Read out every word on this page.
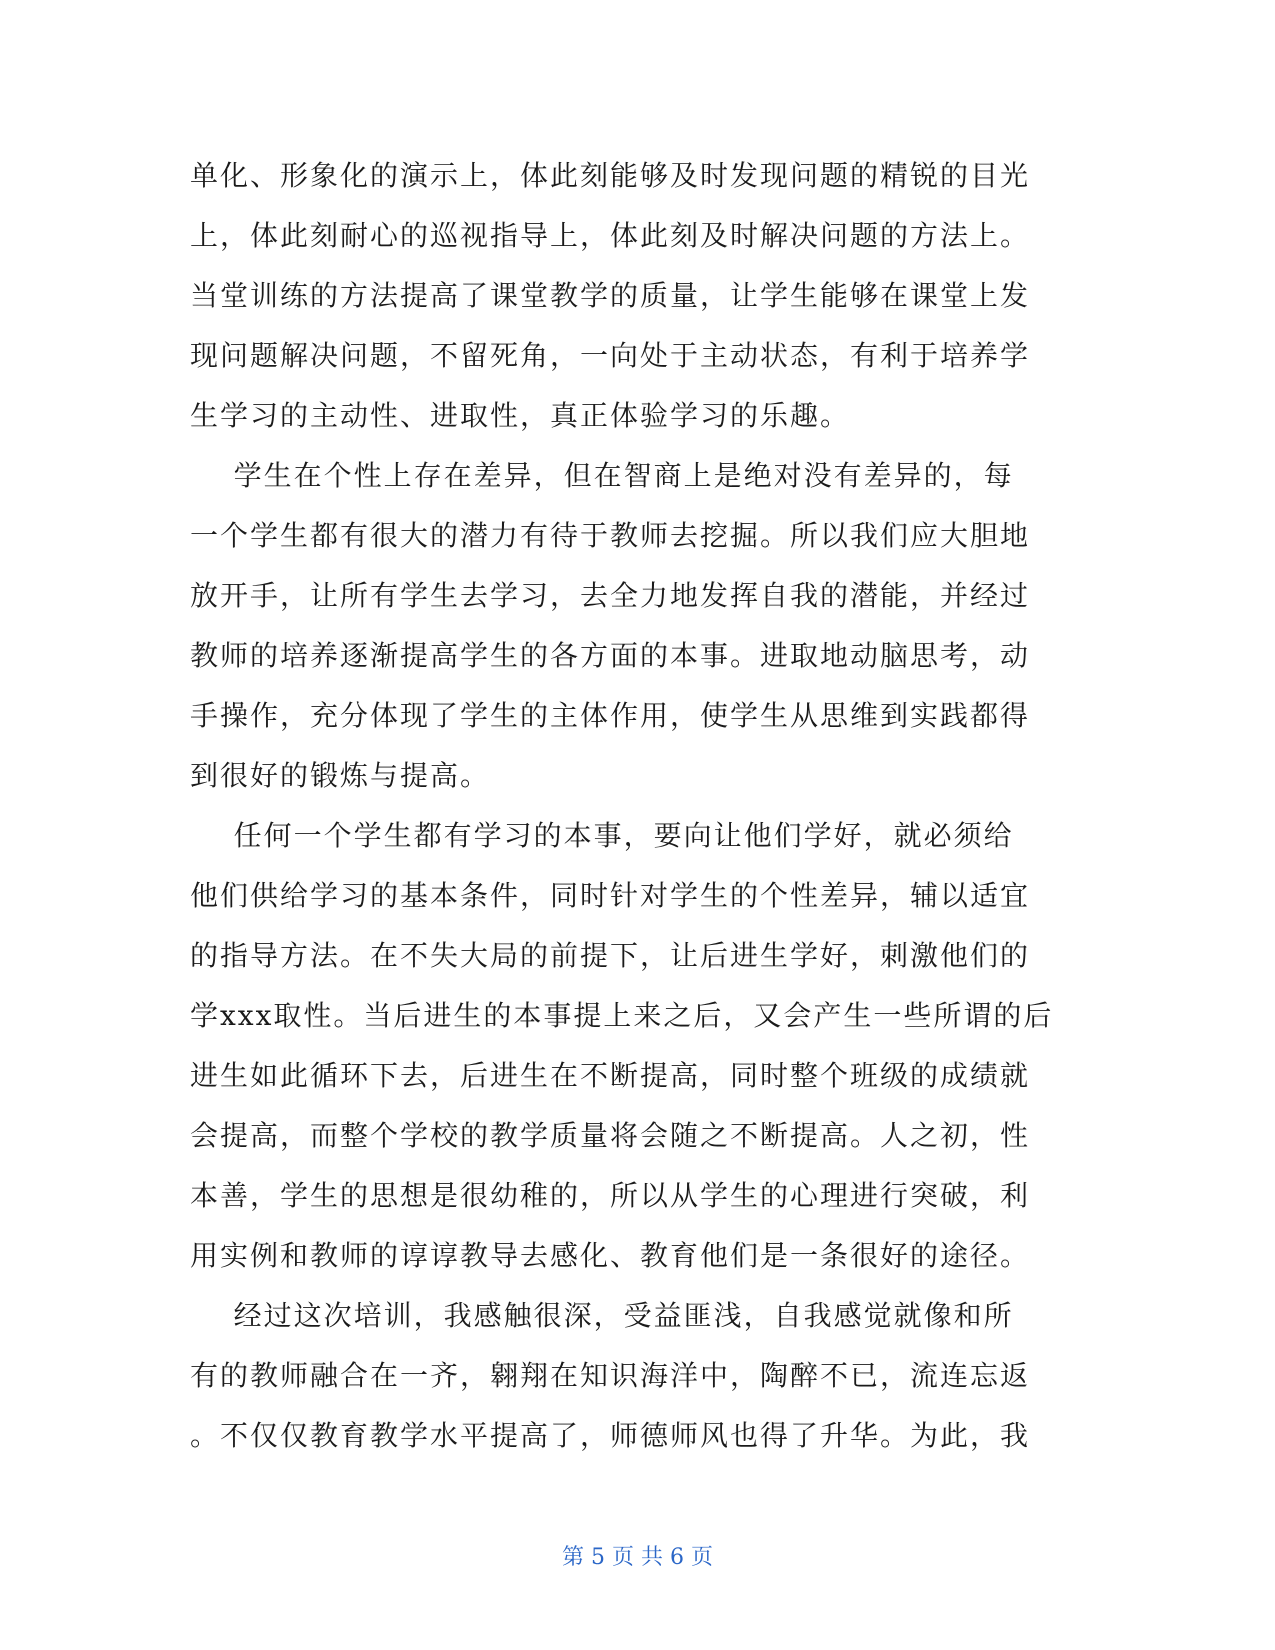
单化、形象化的演示上，体此刻能够及时发现问题的精锐的目光
上，体此刻耐心的巡视指导上，体此刻及时解决问题的方法上。
当堂训练的方法提高了课堂教学的质量，让学生能够在课堂上发
现问题解决问题，不留死角，一向处于主动状态，有利于培养学
生学习的主动性、进取性，真正体验学习的乐趣。
学生在个性上存在差异，但在智商上是绝对没有差异的，每
一个学生都有很大的潜力有待于教师去挖掘。所以我们应大胆地
放开手，让所有学生去学习，去全力地发挥自我的潜能，并经过
教师的培养逐渐提高学生的各方面的本事。进取地动脑思考，动
手操作，充分体现了学生的主体作用，使学生从思维到实践都得
到很好的锻炼与提高。
任何一个学生都有学习的本事，要向让他们学好，就必须给
他们供给学习的基本条件，同时针对学生的个性差异，辅以适宜
的指导方法。在不失大局的前提下，让后进生学好，刺激他们的
学xxx取性。当后进生的本事提上来之后，又会产生一些所谓的后
进生如此循环下去，后进生在不断提高，同时整个班级的成绩就
会提高，而整个学校的教学质量将会随之不断提高。人之初，性
本善，学生的思想是很幼稚的，所以从学生的心理进行突破，利
用实例和教师的谆谆教导去感化、教育他们是一条很好的途径。
经过这次培训，我感触很深，受益匪浅，自我感觉就像和所
有的教师融合在一齐，翱翔在知识海洋中，陶醉不已，流连忘返
。不仅仅教育教学水平提高了，师德师风也得了升华。为此，我
第 5 页 共 6 页
